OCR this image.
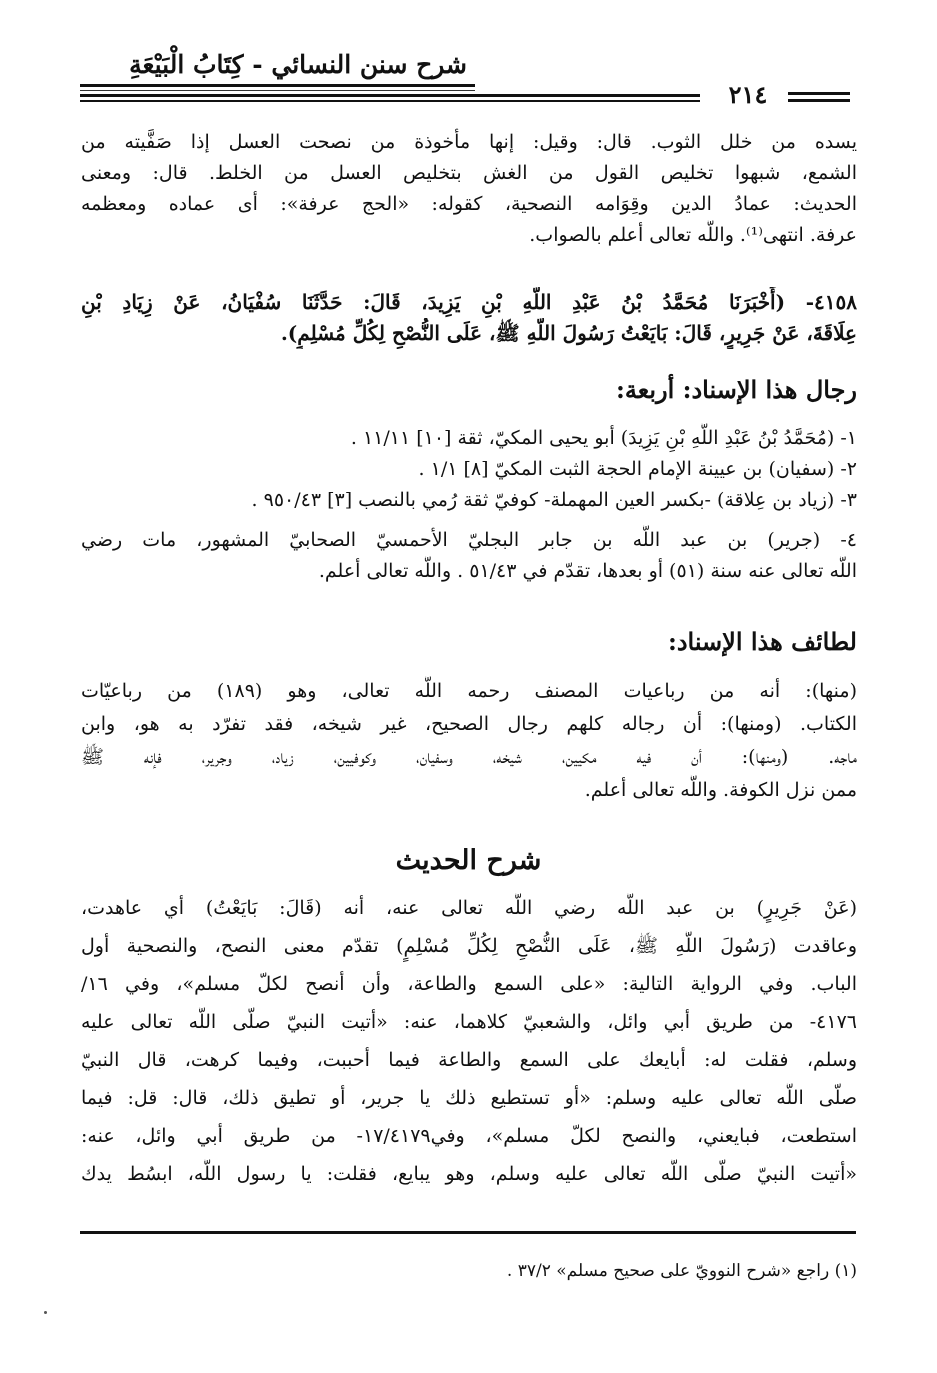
شرح سنن النسائي - كِتَابُ الْبَيْعَةِ
٢١٤
يسده من خلل الثوب. قال: وقيل: إنها مأخوذة من نصحت العسل إذا صَفَّيته من
الشمع، شبهوا تخليص القول من الغش بتخليص العسل من الخلط. قال: ومعنى
الحديث: عمادُ الدين وقِوَامه النصحية، كقوله: «الحج عرفة»: أى عماده ومعظمه
عرفة. انتهى⁽¹⁾. واللَّه تعالى أعلم بالصواب.
٤١٥٨- (أَخْبَرَنَا مُحَمَّدُ بْنُ عَبْدِ اللَّهِ بْنِ يَزِيدَ، قَالَ: حَدَّثَنَا سُفْيَانُ، عَنْ زِيَادِ بْنِ
عِلَاقَةَ، عَنْ جَرِيرٍ، قَالَ: بَايَعْتُ رَسُولَ اللَّهِ ﷺ، عَلَى النُّصْحِ لِكُلِّ مُسْلِمٍ).
رجال هذا الإسناد: أربعة:
١- (مُحَمَّدُ بْنُ عَبْدِ اللَّهِ بْنِ يَزِيدَ) أبو يحيى المكيّ، ثقة [١٠] ١١/١١ .
٢- (سفيان) بن عيينة الإمام الحجة الثبت المكيّ [٨] ١/١ .
٣- (زياد بن عِلاقة) -بكسر العين المهملة- كوفيّ ثقة رُمي بالنصب [٣] ٩٥٠/٤٣ .
٤- (جرير) بن عبد اللَّه بن جابر البجليّ الأحمسيّ الصحابيّ المشهور، مات رضي
اللَّه تعالى عنه سنة (٥١) أو بعدها، تقدّم في ٥١/٤٣ . واللَّه تعالى أعلم.
لطائف هذا الإسناد:
(منها): أنه من رباعيات المصنف رحمه اللَّه تعالى، وهو (١٨٩) من رباعيّات
الكتاب. (ومنها): أن رجاله كلهم رجال الصحيح، غير شيخه، فقد تفرّد به هو، وابن
ماجه. (ومنها): أن فيه مكيين، شيخه، وسفيان، وكوفيين، زياد، وجرير، فإنه ﷺ
ممن نزل الكوفة. واللَّه تعالى أعلم.
شرح الحديث
(عَنْ جَرِيرٍ) بن عبد اللَّه رضي اللَّه تعالى عنه، أنه (قَالَ: بَايَعْتُ) أي عاهدت،
وعاقدت (رَسُولَ اللَّهِ ﷺ، عَلَى النُّصْحِ لِكُلِّ مُسْلِمٍ) تقدّم معنى النصح، والنصحية أول
الباب. وفي الرواية التالية: «على السمع والطاعة، وأن أنصح لكلّ مسلم»، وفي ١٦/
٤١٧٦- من طريق أبي وائل، والشعبيّ كلاهما، عنه: «أتيت النبيّ صلّى اللَّه تعالى عليه
وسلم، فقلت له: أبايعك على السمع والطاعة فيما أحببت، وفيما كرهت، قال النبيّ
صلّى اللَّه تعالى عليه وسلم: «أو تستطيع ذلك يا جرير، أو تطيق ذلك، قال: قل: فيما
استطعت، فبايعني، والنصح لكلّ مسلم»، وفي١٧/٤١٧٩- من طريق أبي وائل، عنه:
«أتيت النبيّ صلّى اللَّه تعالى عليه وسلم، وهو يبايع، فقلت: يا رسول اللَّه، ابسُط يدك
(١) راجع «شرح النوويّ على صحيح مسلم» ٣٧/٢ .
